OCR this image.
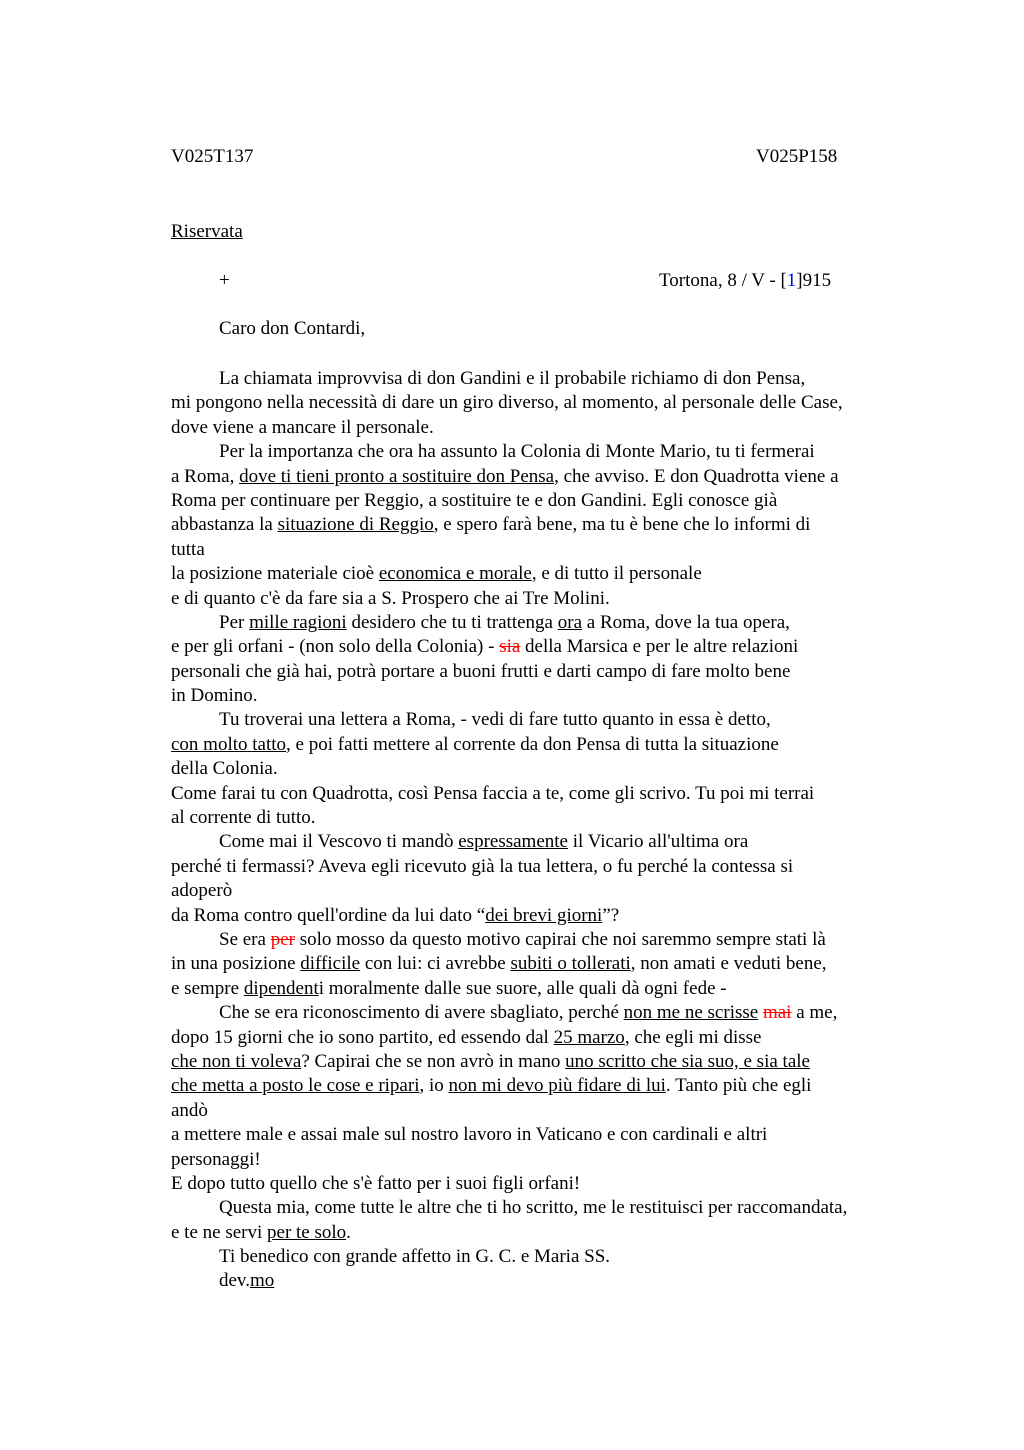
V025T137	V025P158
Riservata
+	Tortona, 8 / V - [1]915
Caro don Contardi,
La chiamata improvvisa di don Gandini e il probabile richiamo di don Pensa,
mi pongono nella necessità di dare un giro diverso, al momento, al personale delle Case,
dove viene a mancare il personale.
Per la importanza che ora ha assunto la Colonia di Monte Mario, tu ti fermerai
a Roma, dove ti tieni pronto a sostituire don Pensa, che avviso. E don Quadrotta viene a
Roma per continuare per Reggio, a sostituire te e don Gandini. Egli conosce già
abbastanza la situazione di Reggio, e spero farà bene, ma tu è bene che lo informi di
tutta
la posizione materiale cioè economica e morale, e di tutto il personale
e di quanto c'è da fare sia a S. Prospero che ai Tre Molini.
Per mille ragioni desidero che tu ti trattenga ora a Roma, dove la tua opera,
e per gli orfani - (non solo della Colonia) - sia della Marsica e per le altre relazioni
personali che già hai, potrà portare a buoni frutti e darti campo di fare molto bene
in Domino.
Tu troverai una lettera a Roma, - vedi di fare tutto quanto in essa è detto,
con molto tatto, e poi fatti mettere al corrente da don Pensa di tutta la situazione
della Colonia.
Come farai tu con Quadrotta, così Pensa faccia a te, come gli scrivo. Tu poi mi terrai
al corrente di tutto.
Come mai il Vescovo ti mandò espressamente il Vicario all'ultima ora
perché ti fermassi? Aveva egli ricevuto già la tua lettera, o fu perché la contessa si
adoperò
da Roma contro quell'ordine da lui dato “dei brevi giorni”?
Se era per solo mosso da questo motivo capirai che noi saremmo sempre stati là
in una posizione difficile con lui: ci avrebbe subiti o tollerati, non amati e veduti bene,
e sempre dipendenti moralmente dalle sue suore, alle quali dà ogni fede -
Che se era riconoscimento di avere sbagliato, perché non me ne scrisse mai a me,
dopo 15 giorni che io sono partito, ed essendo dal 25 marzo, che egli mi disse
che non ti voleva? Capirai che se non avrò in mano uno scritto che sia suo, e sia tale
che metta a posto le cose e ripari, io non mi devo più fidare di lui. Tanto più che egli
andò
a mettere male e assai male sul nostro lavoro in Vaticano e con cardinali e altri
personaggi!
E dopo tutto quello che s'è fatto per i suoi figli orfani!
Questa mia, come tutte le altre che ti ho scritto, me le restituisci per raccomandata,
e te ne servi per te solo.
Ti benedico con grande affetto in G. C. e Maria SS.
dev.mo
